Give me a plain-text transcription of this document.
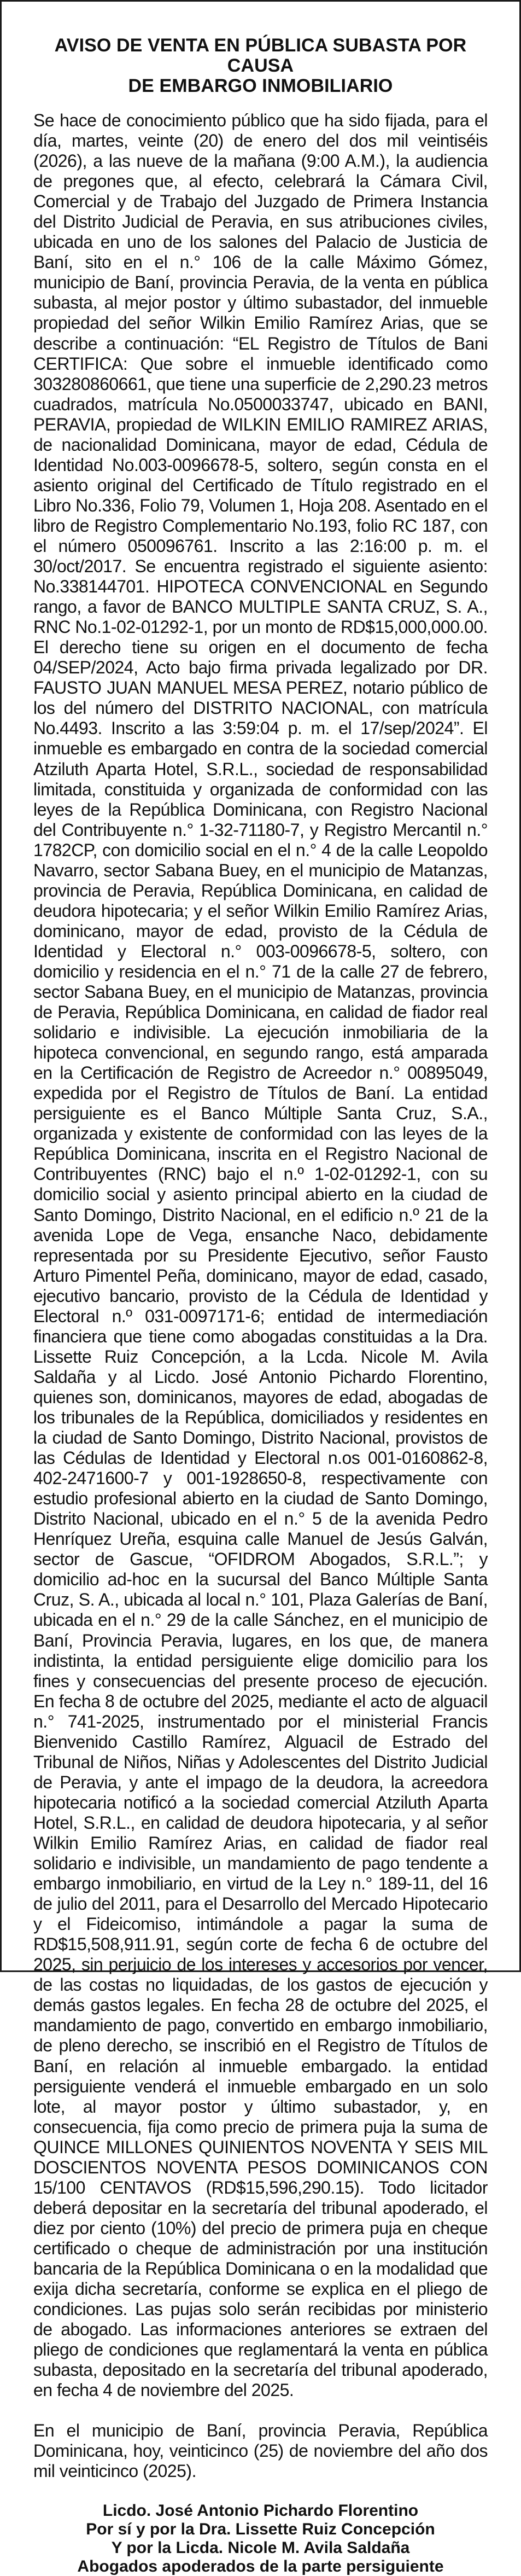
AVISO DE VENTA EN PÚBLICA SUBASTA POR CAUSA
DE EMBARGO INMOBILIARIO

Se hace de conocimiento público que ha sido fijada, para el día, martes, veinte (20) de enero del dos mil veintiséis (2026), a las nueve de la mañana (9:00 A.M.), la audiencia de pregones que, al efecto, celebrará la Cámara Civil, Comercial y de Trabajo del Juzgado de Primera Instancia del Distrito Judicial de Peravia, en sus atribuciones civiles, ubicada en uno de los salones del Palacio de Justicia de Baní, sito en el n.° 106 de la calle Máximo Gómez, municipio de Baní, provincia Peravia, de la venta en pública subasta, al mejor postor y último subastador, del inmueble propiedad del señor Wilkin Emilio Ramírez Arias, que se describe a continuación: “EL Registro de Títulos de Bani CERTIFICA: Que sobre el inmueble identificado como 303280860661, que tiene una superficie de 2,290.23 metros cuadrados, matrícula No.0500033747, ubicado en BANI, PERAVIA, propiedad de WILKIN EMILIO RAMIREZ ARIAS, de nacionalidad Dominicana, mayor de edad, Cédula de Identidad No.003-0096678-5, soltero, según consta en el asiento original del Certificado de Título registrado en el Libro No.336, Folio 79, Volumen 1, Hoja 208. Asentado en el libro de Registro Complementario No.193, folio RC 187, con el número 050096761. Inscrito a las 2:16:00 p. m. el 30/oct/2017. Se encuentra registrado el siguiente asiento: No.338144701. HIPOTECA CONVENCIONAL en Segundo rango, a favor de BANCO MULTIPLE SANTA CRUZ, S. A., RNC No.1-02-01292-1, por un monto de RD$15,000,000.00. El derecho tiene su origen en el documento de fecha 04/SEP/2024, Acto bajo firma privada legalizado por DR. FAUSTO JUAN MANUEL MESA PEREZ, notario público de los del número del DISTRITO NACIONAL, con matrícula No.4493. Inscrito a las 3:59:04 p. m. el 17/sep/2024”. El inmueble es embargado en contra de la sociedad comercial Atziluth Aparta Hotel, S.R.L., sociedad de responsabilidad limitada, constituida y organizada de conformidad con las leyes de la República Dominicana, con Registro Nacional del Contribuyente n.° 1-32-71180-7, y Registro Mercantil n.° 1782CP, con domicilio social en el n.° 4 de la calle Leopoldo Navarro, sector Sabana Buey, en el municipio de Matanzas, provincia de Peravia, República Dominicana, en calidad de deudora hipotecaria; y el señor Wilkin Emilio Ramírez Arias, dominicano, mayor de edad, provisto de la Cédula de Identidad y Electoral n.° 003-0096678-5, soltero, con domicilio y residencia en el n.° 71 de la calle 27 de febrero, sector Sabana Buey, en el municipio de Matanzas, provincia de Peravia, República Dominicana, en calidad de fiador real solidario e indivisible. La ejecución inmobiliaria de la hipoteca convencional, en segundo rango, está amparada en la Certificación de Registro de Acreedor n.° 00895049, expedida por el Registro de Títulos de Baní. La entidad persiguiente es el Banco Múltiple Santa Cruz, S.A., organizada y existente de conformidad con las leyes de la República Dominicana, inscrita en el Registro Nacional de Contribuyentes (RNC) bajo el n.º 1-02-01292-1, con su domicilio social y asiento principal abierto en la ciudad de Santo Domingo, Distrito Nacional, en el edificio n.º 21 de la avenida Lope de Vega, ensanche Naco, debidamente representada por su Presidente Ejecutivo, señor Fausto Arturo Pimentel Peña, dominicano, mayor de edad, casado, ejecutivo bancario, provisto de la Cédula de Identidad y Electoral n.º 031-0097171-6; entidad de intermediación financiera que tiene como abogadas constituidas a la Dra. Lissette Ruiz Concepción, a la Lcda. Nicole M. Avila Saldaña y al Licdo. José Antonio Pichardo Florentino, quienes son, dominicanos, mayores de edad, abogadas de los tribunales de la República, domiciliados y residentes en la ciudad de Santo Domingo, Distrito Nacional, provistos de las Cédulas de Identidad y Electoral n.os 001-0160862-8, 402-2471600-7 y 001-1928650-8, respectivamente con estudio profesional abierto en la ciudad de Santo Domingo, Distrito Nacional, ubicado en el n.° 5 de la avenida Pedro Henríquez Ureña, esquina calle Manuel de Jesús Galván, sector de Gascue, “OFIDROM Abogados, S.R.L.”; y domicilio ad-hoc en la sucursal del Banco Múltiple Santa Cruz, S. A., ubicada al local n.° 101, Plaza Galerías de Baní, ubicada en el n.° 29 de la calle Sánchez, en el municipio de Baní, Provincia Peravia, lugares, en los que, de manera indistinta, la entidad persiguiente elige domicilio para los fines y consecuencias del presente proceso de ejecución. En fecha 8 de octubre del 2025, mediante el acto de alguacil n.° 741-2025, instrumentado por el ministerial Francis Bienvenido Castillo Ramírez, Alguacil de Estrado del Tribunal de Niños, Niñas y Adolescentes del Distrito Judicial de Peravia, y ante el impago de la deudora, la acreedora hipotecaria notificó a la sociedad comercial Atziluth Aparta Hotel, S.R.L., en calidad de deudora hipotecaria, y al señor Wilkin Emilio Ramírez Arias, en calidad de fiador real solidario e indivisible, un mandamiento de pago tendente a embargo inmobiliario, en virtud de la Ley n.° 189-11, del 16 de julio del 2011, para el Desarrollo del Mercado Hipotecario y el Fideicomiso, intimándole a pagar la suma de RD$15,508,911.91, según corte de fecha 6 de octubre del 2025, sin perjuicio de los intereses y accesorios por vencer, de las costas no liquidadas, de los gastos de ejecución y demás gastos legales. En fecha 28 de octubre del 2025, el mandamiento de pago, convertido en embargo inmobiliario, de pleno derecho, se inscribió en el Registro de Títulos de Baní, en relación al inmueble embargado. la entidad persiguiente venderá el inmueble embargado en un solo lote, al mayor postor y último subastador, y, en consecuencia, fija como precio de primera puja la suma de QUINCE MILLONES QUINIENTOS NOVENTA Y SEIS MIL DOSCIENTOS NOVENTA PESOS DOMINICANOS CON 15/100 CENTAVOS (RD$15,596,290.15). Todo licitador deberá depositar en la secretaría del tribunal apoderado, el diez por ciento (10%) del precio de primera puja en cheque certificado o cheque de administración por una institución bancaria de la República Dominicana o en la modalidad que exija dicha secretaría, conforme se explica en el pliego de condiciones. Las pujas solo serán recibidas por ministerio de abogado. Las informaciones anteriores se extraen del pliego de condiciones que reglamentará la venta en pública subasta, depositado en la secretaría del tribunal apoderado, en fecha 4 de noviembre del 2025.

En el municipio de Baní, provincia Peravia, República Dominicana, hoy, veinticinco (25) de noviembre del año dos mil veinticinco (2025).

Licdo. José Antonio Pichardo Florentino
Por sí y por la Dra. Lissette Ruiz Concepción
Y por la Licda. Nicole M. Avila Saldaña
Abogados apoderados de la parte persiguiente
